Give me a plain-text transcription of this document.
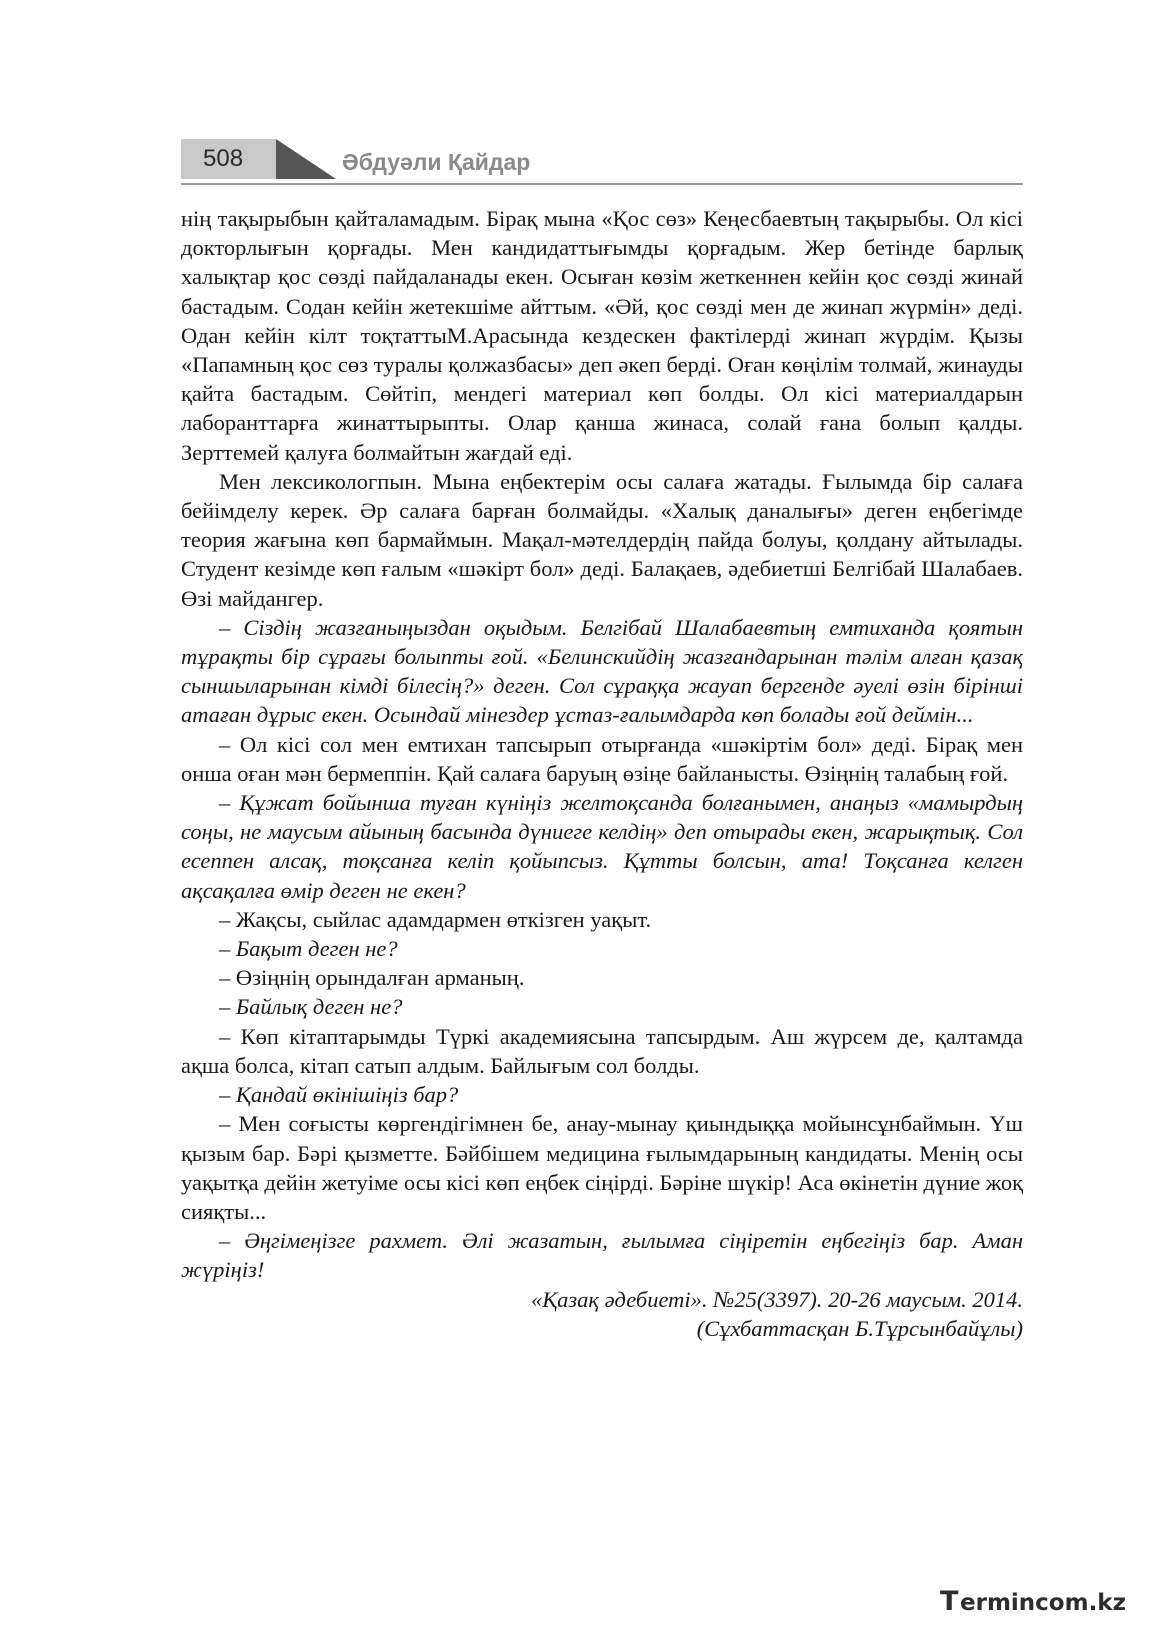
508	Әбдуәли Қайдар

нің тақырыбын қайталамадым. Бірақ мына «Қос сөз» Кеңесбаевтың тақырыбы. Ол кісі докторлығын қорғады. Мен кандидаттығымды қорғадым. Жер бетінде барлық халықтар қос сөзді пайдаланады екен. Осыған көзім жеткеннен кейін қос сөзді жинай бастадым. Содан кейін жетекшіме айттым. «Әй, қос сөзді мен де жинап жүрмін» деді. Одан кейін кілт тоқтаттыМ.Арасында кездескен фактілерді жинап жүрдім. Қызы «Папамның қос сөз туралы қолжазбасы» деп әкеп берді. Оған көңілім толмай, жинауды қайта бастадым. Сөйтіп, мендегі материал көп болды. Ол кісі материалдарын лаборанттарға жинаттырыпты. Олар қанша жинаса, солай ғана болып қалды. Зерттемей қалуға болмайтын жағдай еді.

Мен лексикологпын. Мына еңбектерім осы салаға жатады. Ғылымда бір салаға бейімделу керек. Әр салаға барған болмайды. «Халық даналығы» деген еңбегімде теория жағына көп бармаймын. Мақал-мәтелдердің пайда болуы, қолдану айтылады. Студент кезімде көп ғалым «шәкірт бол» деді. Балақаев, әдебиетші Белгібай Шалабаев. Өзі майдангер.

– Сіздің жазғаныңыздан оқыдым. Белгібай Шалабаевтың емтиханда қоятын тұрақты бір сұрағы болыпты ғой. «Белинскийдің жазғандарынан тәлім алған қазақ сыншыларынан кімді білесің?» деген. Сол сұраққа жауап бергенде әуелі өзін бірінші атаған дұрыс екен. Осындай мінездер ұстаз-ғалымдарда көп болады ғой деймін...

– Ол кісі сол мен емтихан тапсырып отырғанда «шәкіртім бол» деді. Бірақ мен онша оған мән бермеппін. Қай салаға баруың өзіңе байланысты. Өзіңнің талабың ғой.

– Құжат бойынша туған күніңіз желтоқсанда болғанымен, анаңыз «мамырдың соңы, не маусым айының басында дүниеге келдің» деп отырады екен, жарықтық. Сол есеппен алсақ, тоқсанға келіп қойыпсыз. Құтты болсын, ата! Тоқсанға келген ақсақалға өмір деген не екен?

– Жақсы, сыйлас адамдармен өткізген уақыт.

– Бақыт деген не?

– Өзіңнің орындалған арманың.

– Байлық деген не?

– Көп кітаптарымды Түркі академиясына тапсырдым. Аш жүрсем де, қалтамда ақша болса, кітап сатып алдым. Байлығым сол болды.

– Қандай өкінішіңіз бар?

– Мен соғысты көргендігімнен бе, анау-мынау қиындыққа мойынсұнбаймын. Үш қызым бар. Бәрі қызметте. Бәйбішем медицина ғылымдарының кандидаты. Менің осы уақытқа дейін жетуіме осы кісі көп еңбек сіңірді. Бәріне шүкір! Аса өкінетін дүние жоқ сияқты...

– Әңгімеңізге рахмет. Әлі жазатын, ғылымға сіңіретін еңбегіңіз бар. Аман жүріңіз!

«Қазақ әдебиеті». №25(3397). 20-26 маусым. 2014.

(Сұхбаттасқан Б.Тұрсынбайұлы)

T ermincom.kz
